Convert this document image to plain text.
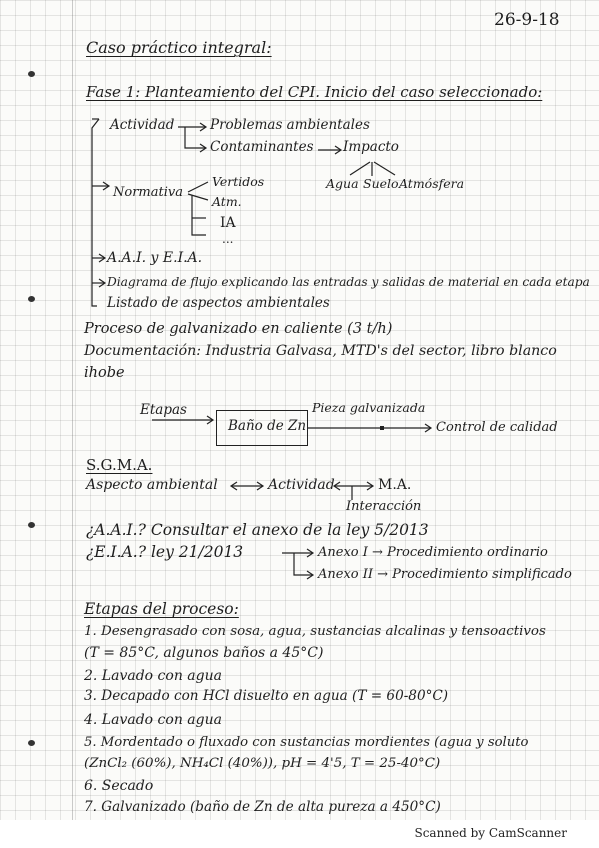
26-9-18
Caso práctico integral:
Fase 1: Planteamiento del CPI. Inicio del caso seleccionado:
Actividad	Problemas ambientales
Contaminantes Impacto
Agua Suelo Atmósfera
Normativa
Vertidos
Atm.
IA
...
A.A.I. y E.I.A.
Diagrama de flujo explicando las entradas y salidas de material en cada etapa
Listado de aspectos ambientales
Proceso de galvanizado en caliente (3 t/h)
Documentación: Industria Galvasa, MTD's del sector, libro blanco
ihobe
Etapas
Baño de Zn
Pieza galvanizada
Control de calidad
S.G.M.A.
Aspecto ambiental	Actividad	M.A.
Interacción
¿A.A.I.? Consultar el anexo de la ley 5/2013
¿E.I.A.? ley 21/2013	Anexo I → Procedimiento ordinario
Anexo II → Procedimiento simplificado
Etapas del proceso:
1. Desengrasado con sosa, agua, sustancias alcalinas y tensoactivos
(T = 85°C, algunos baños a 45°C)
2. Lavado con agua
3. Decapado con HCl disuelto en agua (T = 60-80°C)
4. Lavado con agua
5. Mordentado o fluxado con sustancias mordientes (agua y soluto
(ZnCl₂ (60%), NH₄Cl (40%)), pH = 4'5, T = 25-40°C)
6. Secado
7. Galvanizado (baño de Zn de alta pureza a 450°C)
Scanned by CamScanner
